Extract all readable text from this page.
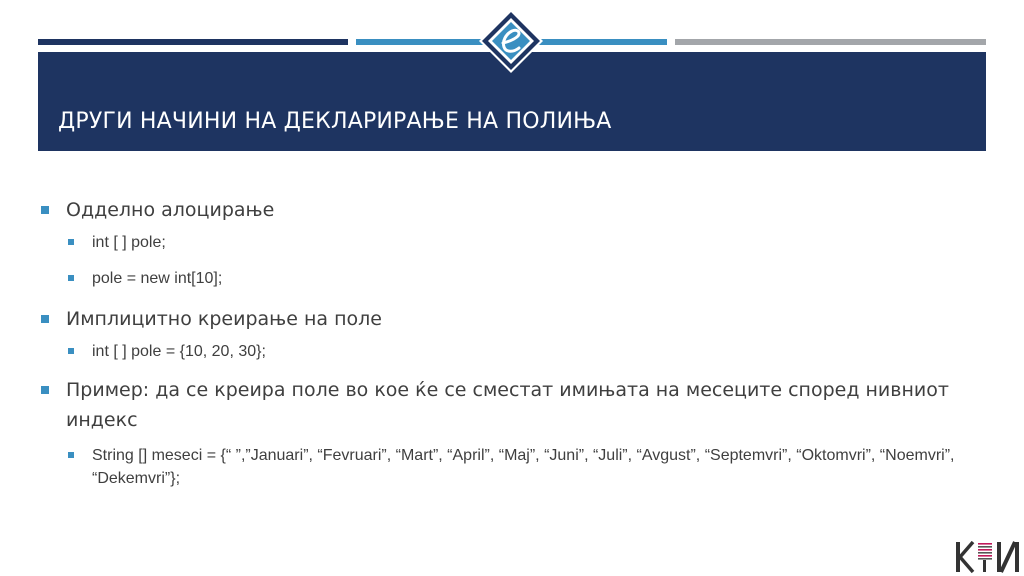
ДРУГИ НАЧИНИ НА ДЕКЛАРИРАЊЕ НА ПОЛИЊА
Одделно алоцирање
int [ ] pole;
pole = new int[10];
Имплицитно креирање на поле
int [ ] pole = {10, 20, 30};
Пример: да се креира поле во кое ќе се сместат имињата на месеците според нивниот индекс
String [] meseci = {“ ”,”Januari”, “Fevruari”, “Mart”, “April”, “Maj”, “Juni”, “Juli”, “Avgust”, “Septemvri”, “Oktomvri”, “Noemvri”, “Dekemvri”};
